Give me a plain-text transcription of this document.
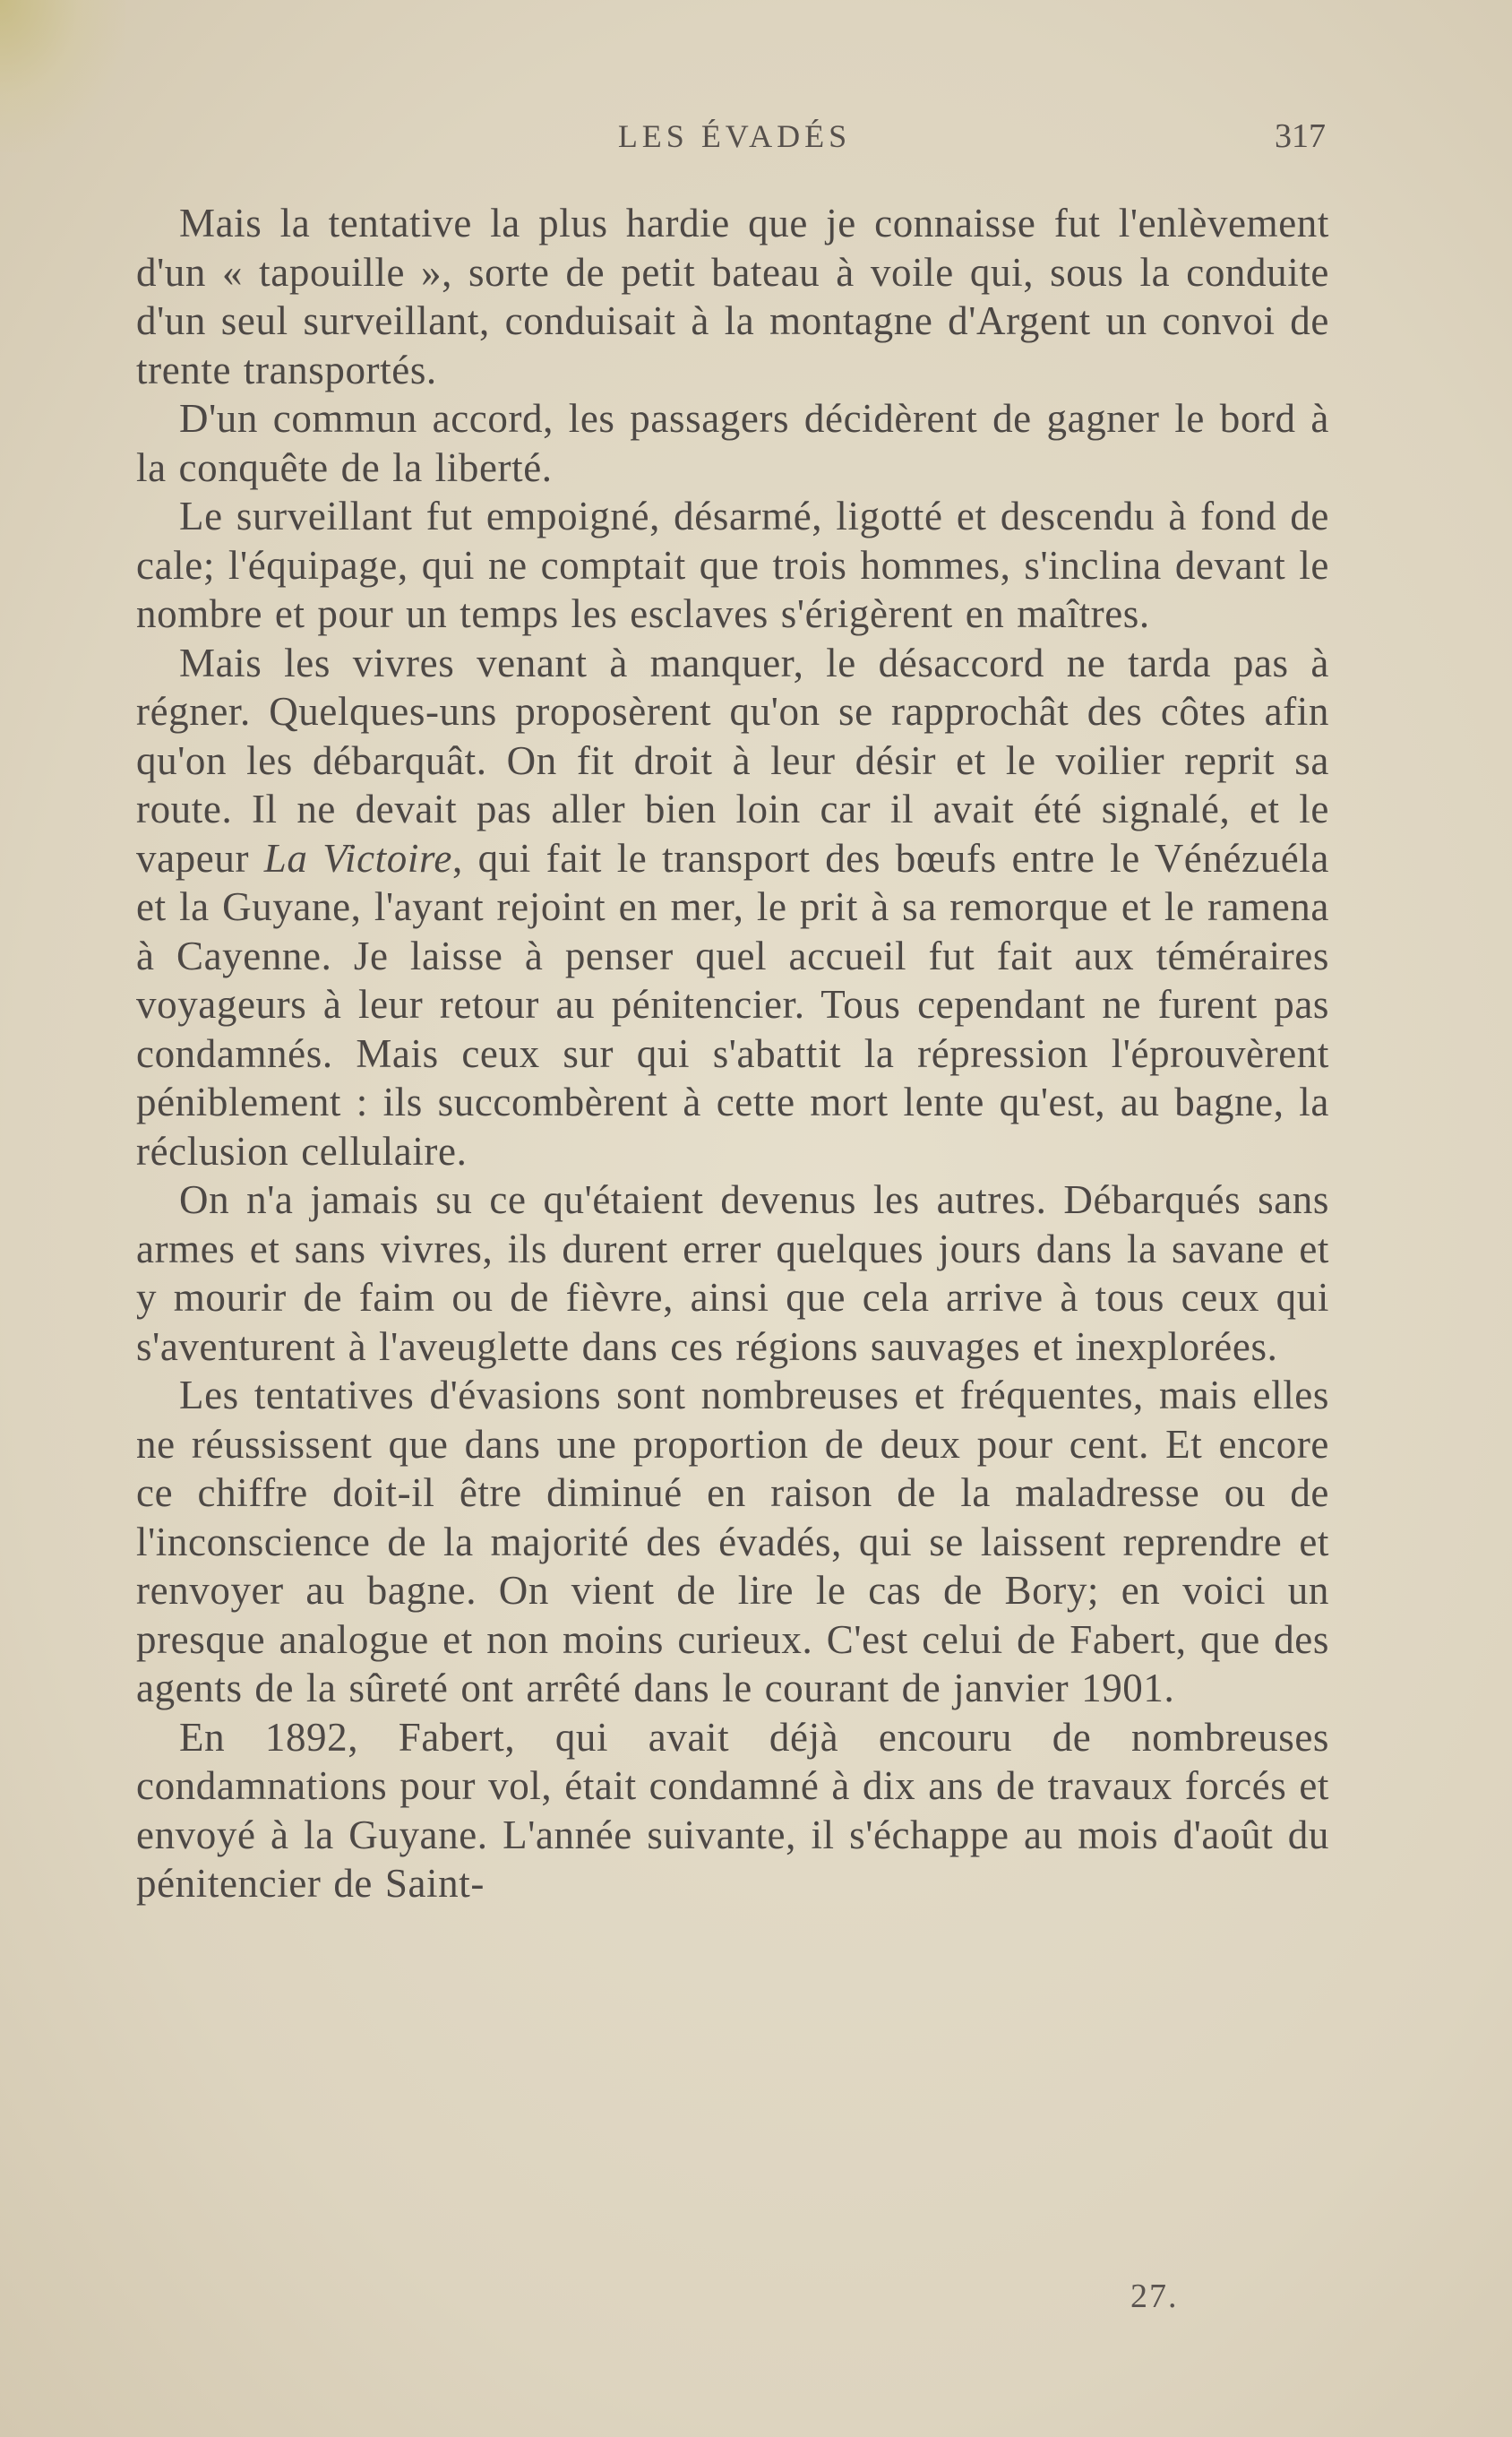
LES ÉVADÉS	317

Mais la tentative la plus hardie que je connaisse fut l'enlèvement d'un « tapouille », sorte de petit bateau à voile qui, sous la conduite d'un seul surveillant, conduisait à la montagne d'Argent un convoi de trente transportés.

D'un commun accord, les passagers décidèrent de gagner le bord à la conquête de la liberté.

Le surveillant fut empoigné, désarmé, ligotté et descendu à fond de cale; l'équipage, qui ne comptait que trois hommes, s'inclina devant le nombre et pour un temps les esclaves s'érigèrent en maîtres.

Mais les vivres venant à manquer, le désaccord ne tarda pas à régner. Quelques-uns proposèrent qu'on se rapprochât des côtes afin qu'on les débarquât. On fit droit à leur désir et le voilier reprit sa route. Il ne devait pas aller bien loin car il avait été signalé, et le vapeur La Victoire, qui fait le transport des bœufs entre le Vénézuéla et la Guyane, l'ayant rejoint en mer, le prit à sa remorque et le ramena à Cayenne. Je laisse à penser quel accueil fut fait aux téméraires voyageurs à leur retour au pénitencier. Tous cependant ne furent pas condamnés. Mais ceux sur qui s'abattit la répression l'éprouvèrent péniblement : ils succombèrent à cette mort lente qu'est, au bagne, la réclusion cellulaire.

On n'a jamais su ce qu'étaient devenus les autres. Débarqués sans armes et sans vivres, ils durent errer quelques jours dans la savane et y mourir de faim ou de fièvre, ainsi que cela arrive à tous ceux qui s'aventurent à l'aveuglette dans ces régions sauvages et inexplorées.

Les tentatives d'évasions sont nombreuses et fréquentes, mais elles ne réussissent que dans une proportion de deux pour cent. Et encore ce chiffre doit-il être diminué en raison de la maladresse ou de l'inconscience de la majorité des évadés, qui se laissent reprendre et renvoyer au bagne. On vient de lire le cas de Bory; en voici un presque analogue et non moins curieux. C'est celui de Fabert, que des agents de la sûreté ont arrêté dans le courant de janvier 1901.

En 1892, Fabert, qui avait déjà encouru de nombreuses condamnations pour vol, était condamné à dix ans de travaux forcés et envoyé à la Guyane. L'année suivante, il s'échappe au mois d'août du pénitencier de Saint-

27.
